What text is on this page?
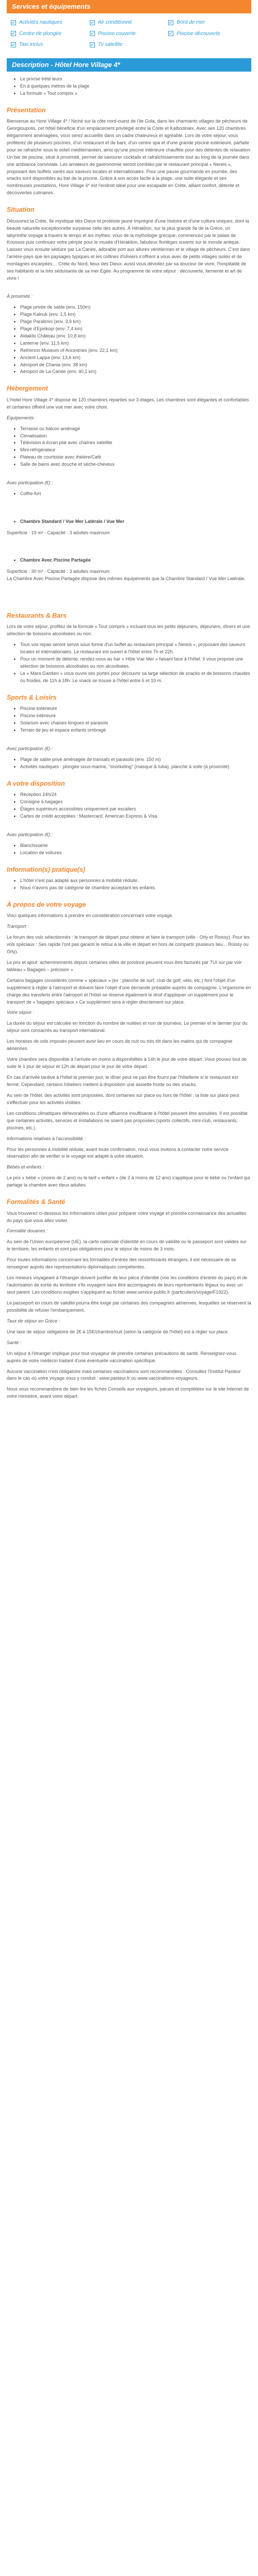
Services et équipements
Activités nautiques	Air conditionné	Bord de mer
Centre de plongée	Piscine couverte	Piscine découverte
Taxi inclus	Tv satellite
Description - Hôtel Hore Village 4*
• Le prix/se trété leurs
• En à quelques mètres de la plage
• La formule « Tout compris »
Présentation

Bienvenue au Hore Village 4* ! Niché sur la côte nord-ouest de l'ile Gola, dans les charmants villages de pêcheurs de Georgioupolis, cet hôtel bénéficie d'un emplacement privilégié entre la Crete et Kalbodiniex. Avec ses 120 chambres élégamment aménagées, vous serez accueillis dans un cadre chaleureux et agréable. Lors de votre séjour, vous profiterez de plusieurs piscines, d'un restaurant et de bars, d'un centre spa et d'une grande piscine extérieure, parfaite pour se rafraîchir sous le soleil méditerranéen, ainsi qu'une piscine intérieure chauffée pour des détentes de relaxation. Un bar de piscine, situé à proximité, permet de savourer cocktails et rafraîchissements tout au long de la journée dans une ambiance conviviale. Les amateurs de gastronomie seront comblés par le restaurant principal « Nereis », proposant des buffets variés aux saveurs locales et internationales. Pour une pause gourmande en journée, des snacks sont disponibles au bar de la piscine. Grâce à son accès facile à la plage, une suite élégante et ses nombreuses prestations, Hore Village 4* est l'endroit idéal pour une escapade en Crète, alliant confort, détente et découvertes culinaires.

Situation

Découvrez la Crète, île mystique des Dieux et protéiste jaune imprégné d'une histoire et d'une culture uniques, dont la beauté naturelle exceptionnelle surpasse celle des autres. À Héraklion, sur la plus grande île de la Grèce, un labyrinthe voyage à travers le temps et les mythes: vous de la mythologie grecque, commencez par le palais de Knossos puis continuez votre périple pour le musée d'Héraklion, fabuleux florilèges ouverts sur le monde antique. Laissez vous ensuite séduire par La Canée, adorable port aux allures vénitiennes et le village de pêcheurs. C'est dans l'arrière-pays que les paysages typiques et les collines d'oliviers s'offrent à vous avec de petits villages isolés et de montagnes escarpées… Crète du Nord, lieux des Dieux: aussi vous dévoilez par sa douceur de vivre, l'hospitalité de ses habitants et la très séduisante de sa mer Egée. Au programme de votre séjour : découverte, farniente et art de vivre !

À proximité :

• Plage privée de sable (env. 150m)
• Plage Kalnuk (env. 1,5 km)
• Plage Paralimni (env. 3,9 km)
• Plage d'Episkopi (env. 7,4 km)
• Aldaklis Château (env. 10,8 km)
• Lanterne (env. 11,5 km)
• Rethimno Museum of Ancestries (env. 22,1 km)
• Ancient Lappa (env. 13,6 km)
• Aéroport de Chania (env. 38 km)
• Aéroport de La Canée (env. 40,1 km)
Hébergement

L'Hotel Hore Village 4* dispose de 120 chambres réparties sur 3 étages. Les chambres sont élégantes et confortables et certaines offrent une vue mer avec votre choix.

Equipements :

• Terrasse ou balcon aménagé
• Climatisation
• Télévision à écran plat avec chaînes satellite
• Mini-réfrigérateur
• Plateau de courtoisie avec théière/Café
• Salle de bains avec douche et sèche-cheveux

Avec participation (€) :

• Coffre-fort
• Chambre Standard / Vue Mer Latérale / Vue Mer

Superficie : 19 m² - Capacité : 3 adultes maximum

• Chambre Avec Piscine Partagée

Superficie : 30 m² - Capacité : 3 adultes maximum
La Chambre Avec Piscine Partagée dispose des mêmes équipements que la Chambre Standard / Vue Mer Latérale.

Restaurants & Bars

Lors de votre séjour, profitez de la formule « Tout compris » incluant tous les petits déjeuners, déjeuners, dîners et une sélection de boissons alcoolisées ou non.

• Tous vos repas seront servis sous forme d'un buffet au restaurant principal « Nereis », proposant des saveurs locales et internationales. Le restaurant est ouvert à l'hôtel entre 7h et 22h.
• Pour un moment de détente, rendez-vous au bar « Hôte Vue Mer » faisant face à l'hôtel. Il vous propose une sélection de boissons alcoolisées ou non alcoolisées.
• Le « Mara Gardien » vous ouvre ses portes pour découvrir sa large sélection de snacks et de boissons chaudes ou froides, de 11h à 18h. Le snack se trouve à l'hôtel entre 6 et 10 m.
Sports & Loisirs
• Piscine extérieure
• Piscine intérieure
• Solarium avec chaises longues et parasols
• Terrain de jeu et espace enfants ombragé

Avec participation (€) :

• Plage de sable privé aménagée de transats et parasols (env. 150 m)
• Activités nautiques : plongée sous-marine, "snorkeling" (masque & tuba), planche à voile (à proximité)
A votre disposition
• Réception 24h/24
• Consigne à bagages
• Étages supérieurs accessibles uniquement par escaliers
• Cartes de crédit acceptées : Mastercard, American Express & Visa

Avec participation (€) :

• Blanchisserie
• Location de voitures
Information(s) pratique(s)
• L'hôtel n'est pas adapté aux personnes à mobilité réduite.
• Nous n'avons pas de catégorie de chambre acceptant les enfants.
À propos de votre voyage

Voici quelques informations à prendre en considération concernant votre voyage.

Transport :

Le forum des vols sélectionnés : le transport de départ pour obtenir et faire le transport (ville - Orly et Roissy). Pour les vols spéciaux : Ses rapide l'ont pas garanti le retour à la ville et départ en hors de compartir plusieurs lieu... Roissy ou Orly).

Le prix et ajout: acheminements depuis certaines villes de province peuvent vous être facturés par TUI sur par voir tableau « Bagages – précision »

Certains bagages considérés comme « spéciaux » (ex : planche de surf, club de golf, vélo, etc.) font l'objet d'un supplément à régler à l'aéroport et doivent faire l'objet d'une demande préalable auprès de compagnie. L'organisme en charge des transferts entre l'aéroport et l'hôtel se réserve également le droit d'appliquer un supplément pour le transport de « bagages spéciaux » Ce supplément sera à régler directement sur place.

Votre séjour :

La durée du séjour est calculée en fonction du nombre de nuitées et non de journées. Le premier et le dernier jour du séjour sont consacrés au transport international.

Les horaires de vols imposés peuvent avoir lieu en cours de nuit ou très tôt dans les matins qui de compagnie aériennes.

Votre chambre sera disponible à l'arrivée en moins à disponibilités à 14h le jour de votre départ. Vous pouvez tout de suite le 1 jour de séjour et 12h de départ pour le jour de votre départ.

En cas d'arrivée tardive à l'hôtel le premier jour, le dîner peut ne pas être fourni par l'hôtellerie si le restaurant est fermé. Cependant, certains hôteliers mettent à disposition une assiette froide ou des snacks.

Au sein de l'hôtel, des activités sont proposées, dont certaines sur place ou hors de l'hôtel : la liste sur place peut s'effectuer pour les activités visibles.

Les conditions climatiques défavorables ou d'une affluence insuffisante à l'hôtel peuvent être annulées. Il est possible que certaines activités, services et installations ne soient pas proposées (sports collectifs, mini-club, restaurants, piscines, etc.).

Informations relatives à l'accessibilité :

Pour les personnes à mobilité réduite, avant toute confirmation, nous vous invitons à contacter notre service réservation afin de vérifier si le voyage est adapté à votre situation.

Bébés et enfants :

Le prix « bébé » (moins de 2 ans) ou le tarif « enfant » (de 2 à moins de 12 ans) s'applique pour le bébé ou l'enfant qui partage la chambre avec deux adultes.

Formalités & Santé

Vous trouverez ci-dessous les informations utiles pour préparer votre voyage et prendre connaissance des actualités du pays que vous allez visiter.

Formalité douanes :

Au sein de l'Union européenne (UE), la carte nationale d'identité en cours de validité ou le passeport sont valides sur le territoire, les enfants et sont pas obligatoires pour le séjour de moins de 3 mois.

Pour toutes informations concernant les formalités d'entrée des ressortissants étrangers, il est nécessaire de se renseigner auprès des représentations diplomatiques compétentes.

Les mineurs voyageant à l'étranger doivent justifier de leur pièce d'identité (voir les conditions d'entrée du pays) et de l'autorisation de sortie du territoire s'ils voyagent sans être accompagnés de leurs représentants légaux ou avec un seul parent. Les conditions exigées s'appliquent au fichier www.service-public.fr (particuliers/voyage/F1922).

Le passeport en cours de validité pourra être exigé par certaines des compagnies aériennes, lesquelles se réservent la possibilité de refuser l'embarquement.

Taux de séjour en Grèce :

Une taxe de séjour obligatoire de 2€ à 15€/chambre/nuit (selon la catégorie de l'hôtel) est à régler sur place.

Santé :

Un séjour à l'étranger implique pour tout voyageur de prendre certaines précautions de santé. Renseignez-vous auprès de votre médecin traitant d'une éventuelle vaccination spécifique.

Aucune vaccination n'est obligatoire mais certaines vaccinations sont recommandées : Consultez l'Institut Pasteur dans le cas où votre voyage vous y conduit : www.pasteur.fr ou www.vaccinations-voyageurs.

Nous vous recommandons de bien lire les fiches Conseils aux voyageurs, parues et complétées sur le site Internet de votre ministère, avant votre départ.
